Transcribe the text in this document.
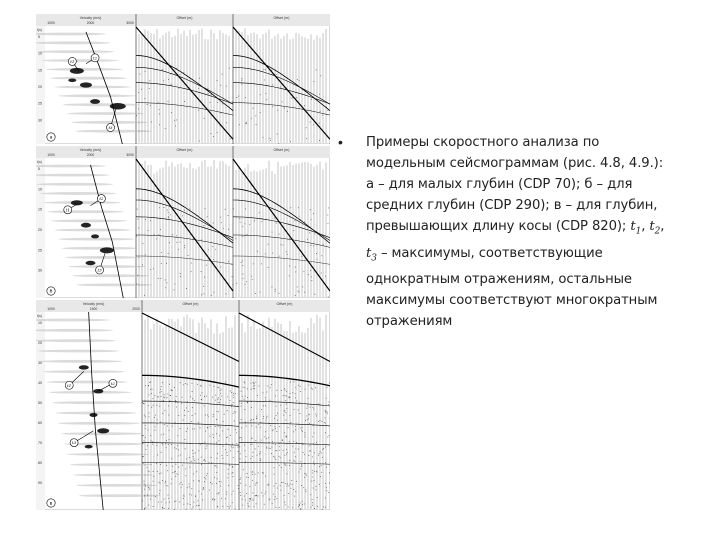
Velocity (m/s)
1000	2000	3000
Offset (m)	Offset (m)
t(s)
5
10
15
20
25
30
t1
t2
t3
а
Velocity (m/s)
1000	2000	3000
Offset (m)	Offset (m)
t(s)
5
10
15
20
25
30
t1
t2
t3
б
Velocity (m/s)
1000	1500	2000
Offset (m)	Offset (m)
t(s)
10
20
30
40
50
60
70
80
90
t1	t2
t3
в
•	Примеры скоростного анализа по модельным сейсмограммам (рис. 4.8, 4.9.): а – для малых глубин (CDP 70); б – для средних глубин (CDP 290); в – для глубин, превышающих длину косы (CDP 820); $t_1$, $t_2$, $t_3$ – максимумы, соответствующие однократным отражениям, остальные максимумы соответствуют многократным отражениям
